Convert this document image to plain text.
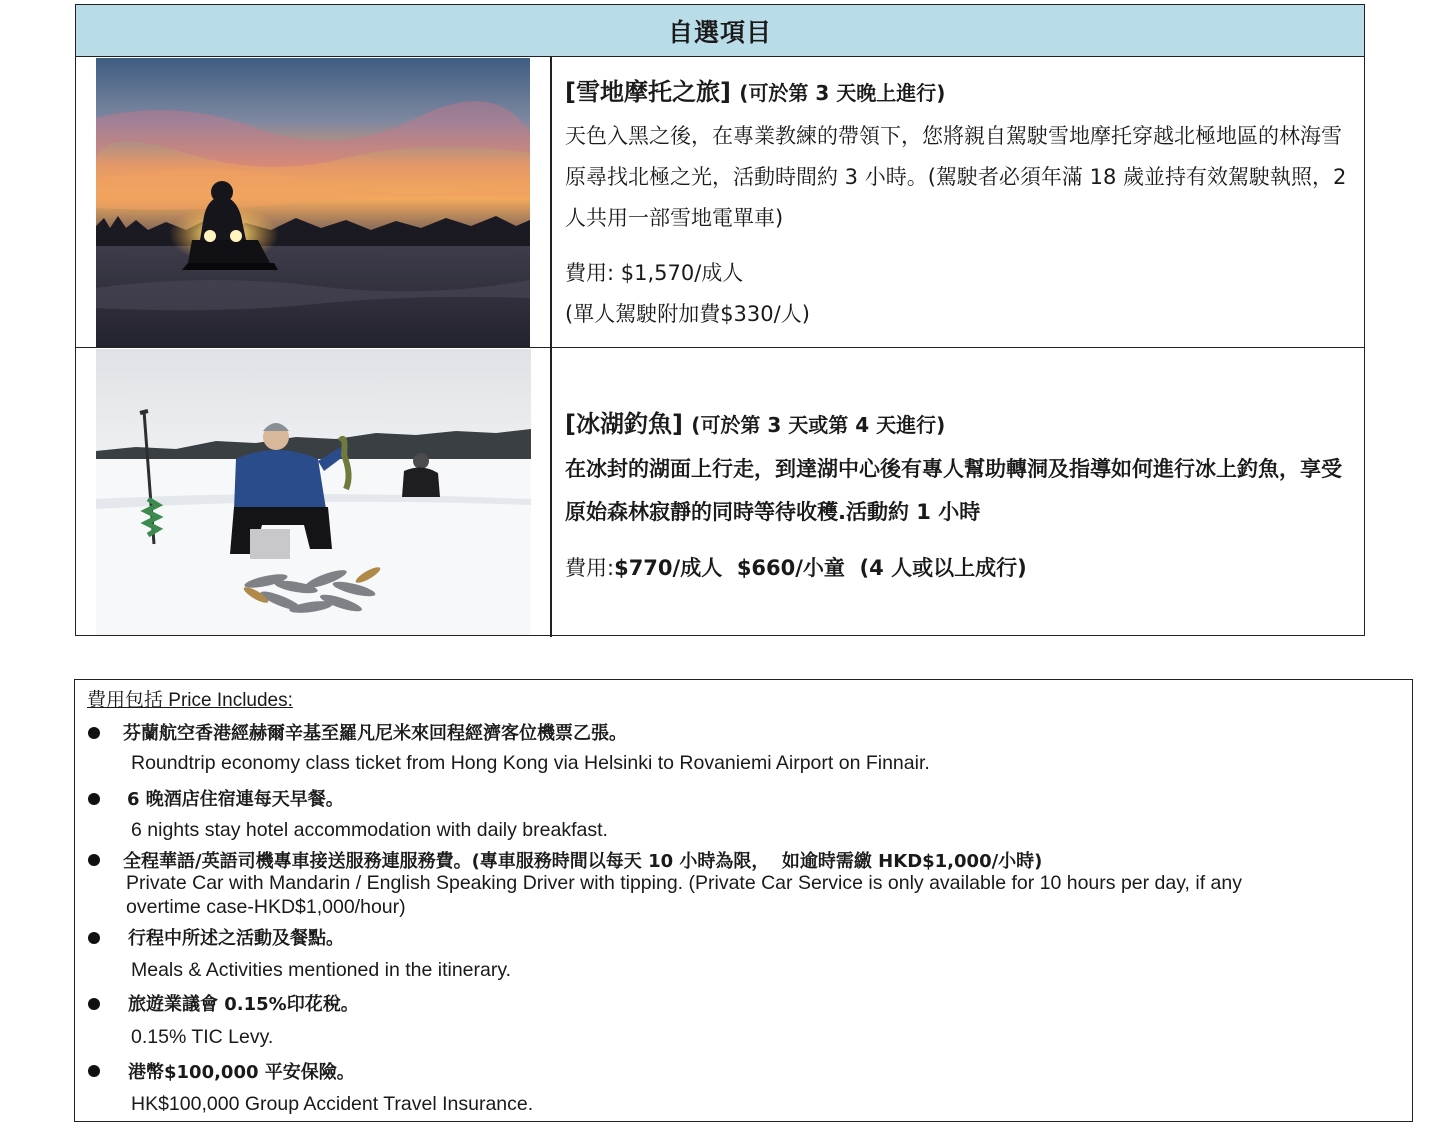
自選項目
[雪地摩托之旅] (可於第 3 天晚上進行)
天色入黑之後，在專業教練的帶領下，您將親自駕駛雪地摩托穿越北極地區的林海雪原尋找北極之光，活動時間約 3 小時。(駕駛者必須年滿 18 歲並持有效駕駛執照，2 人共用一部雪地電單車)
費用: $1,570/成人
(單人駕駛附加費$330/人)
[冰湖釣魚] (可於第 3 天或第 4 天進行)
在冰封的湖面上行走，到達湖中心後有專人幫助轉洞及指導如何進行冰上釣魚，享受原始森林寂靜的同時等待收穫.活動約 1 小時
費用:$770/成人  $660/小童  (4 人或以上成行)
費用包括 Price Includes:
芬蘭航空香港經赫爾辛基至羅凡尼米來回程經濟客位機票乙張。
Roundtrip economy class ticket from Hong Kong via Helsinki to Rovaniemi Airport on Finnair.
6 晚酒店住宿連每天早餐。
6 nights stay hotel accommodation with daily breakfast.
全程華語/英語司機專車接送服務連服務費。(專車服務時間以每天 10 小時為限，  如逾時需繳 HKD$1,000/小時)
Private Car with Mandarin / English Speaking Driver with tipping. (Private Car Service is only available for 10 hours per day, if any
overtime case-HKD$1,000/hour)
行程中所述之活動及餐點。
Meals & Activities mentioned in the itinerary.
旅遊業議會 0.15%印花稅。
0.15% TIC Levy.
港幣$100,000 平安保險。
HK$100,000 Group Accident Travel Insurance.
